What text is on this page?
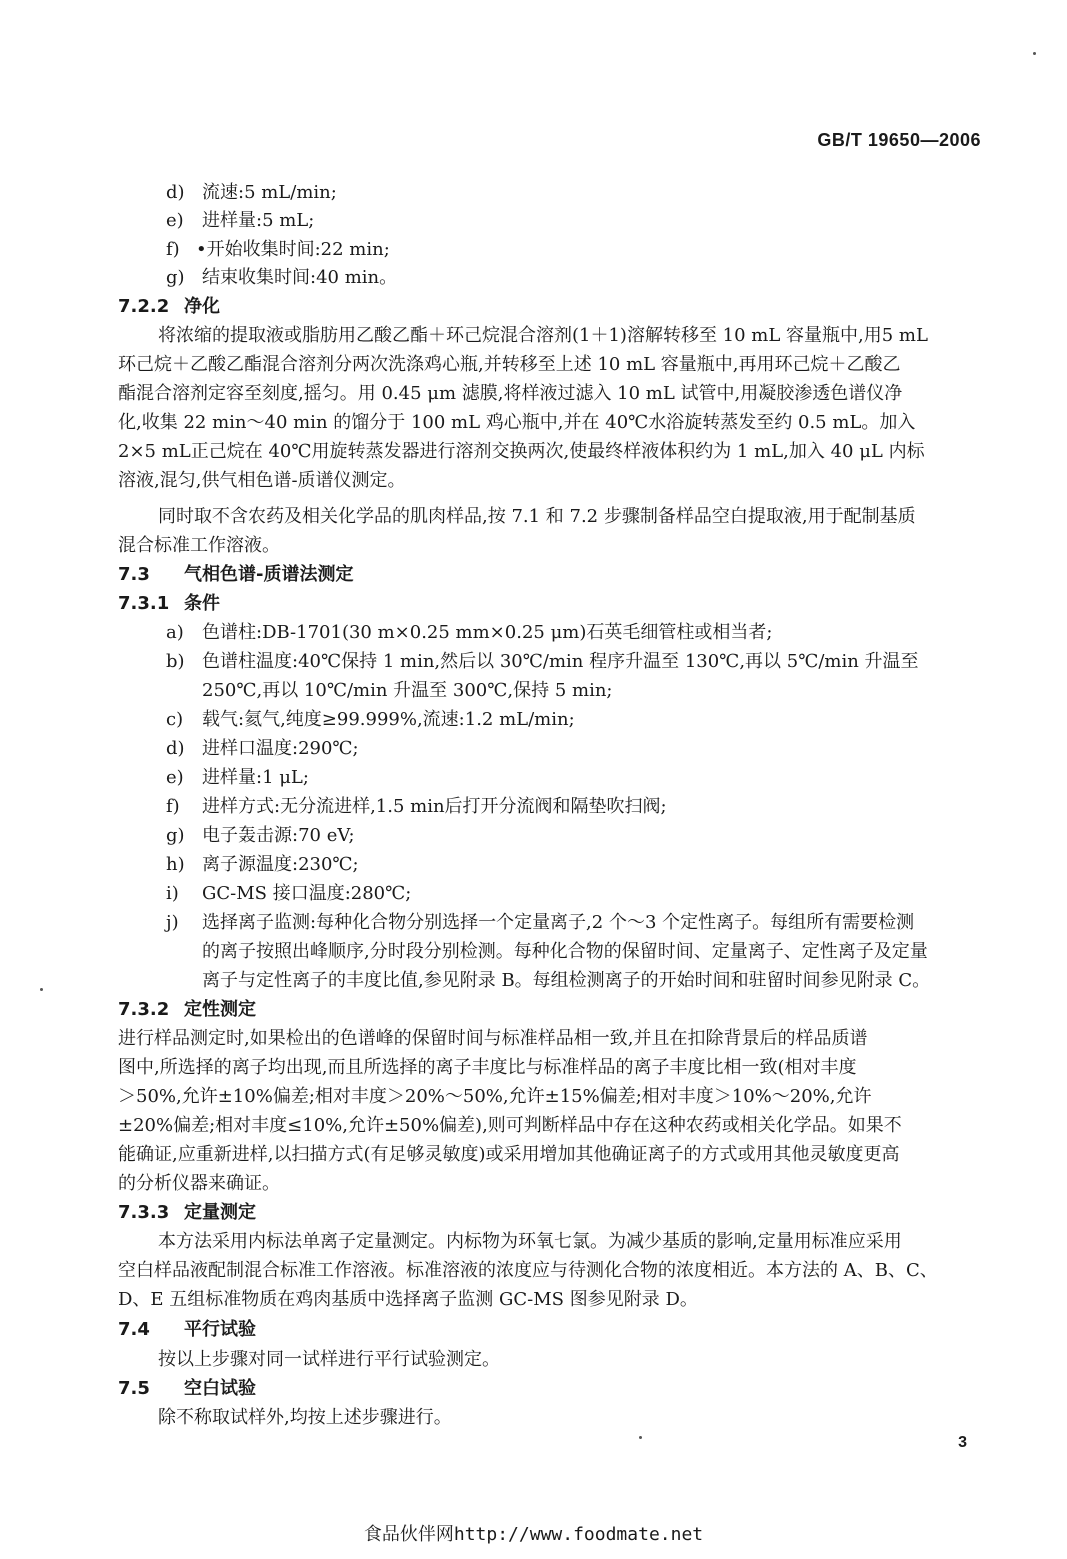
GB/T 19650—2006
d) 流速:5 mL/min;
e) 进样量:5 mL;
f) •开始收集时间:22 min;
g) 结束收集时间:40 min。
7.2.2 净化
将浓缩的提取液或脂肪用乙酸乙酯＋环己烷混合溶剂(1＋1)溶解转移至 10 mL 容量瓶中,用5 mL
环己烷＋乙酸乙酯混合溶剂分两次洗涤鸡心瓶,并转移至上述 10 mL 容量瓶中,再用环己烷＋乙酸乙
酯混合溶剂定容至刻度,摇匀。用 0.45 μm 滤膜,将样液过滤入 10 mL 试管中,用凝胶渗透色谱仪净
化,收集 22 min～40 min 的馏分于 100 mL 鸡心瓶中,并在 40℃水浴旋转蒸发至约 0.5 mL。加入
2×5 mL正己烷在 40℃用旋转蒸发器进行溶剂交换两次,使最终样液体积约为 1 mL,加入 40 μL 内标
溶液,混匀,供气相色谱-质谱仪测定。
同时取不含农药及相关化学品的肌肉样品,按 7.1 和 7.2 步骤制备样品空白提取液,用于配制基质
混合标准工作溶液。
7.3 气相色谱-质谱法测定
7.3.1 条件
a) 色谱柱:DB-1701(30 m×0.25 mm×0.25 μm)石英毛细管柱或相当者;
b) 色谱柱温度:40℃保持 1 min,然后以 30℃/min 程序升温至 130℃,再以 5℃/min 升温至
250℃,再以 10℃/min 升温至 300℃,保持 5 min;
c) 载气:氦气,纯度≥99.999%,流速:1.2 mL/min;
d) 进样口温度:290℃;
e) 进样量:1 μL;
f) 进样方式:无分流进样,1.5 min后打开分流阀和隔垫吹扫阀;
g) 电子轰击源:70 eV;
h) 离子源温度:230℃;
i) GC-MS 接口温度:280℃;
j) 选择离子监测:每种化合物分别选择一个定量离子,2 个～3 个定性离子。每组所有需要检测
的离子按照出峰顺序,分时段分别检测。每种化合物的保留时间、定量离子、定性离子及定量
离子与定性离子的丰度比值,参见附录 B。每组检测离子的开始时间和驻留时间参见附录 C。
7.3.2 定性测定
进行样品测定时,如果检出的色谱峰的保留时间与标准样品相一致,并且在扣除背景后的样品质谱
图中,所选择的离子均出现,而且所选择的离子丰度比与标准样品的离子丰度比相一致(相对丰度
＞50%,允许±10%偏差;相对丰度＞20%～50%,允许±15%偏差;相对丰度＞10%～20%,允许
±20%偏差;相对丰度≤10%,允许±50%偏差),则可判断样品中存在这种农药或相关化学品。如果不
能确证,应重新进样,以扫描方式(有足够灵敏度)或采用增加其他确证离子的方式或用其他灵敏度更高
的分析仪器来确证。
7.3.3 定量测定
本方法采用内标法单离子定量测定。内标物为环氧七氯。为减少基质的影响,定量用标准应采用
空白样品液配制混合标准工作溶液。标准溶液的浓度应与待测化合物的浓度相近。本方法的 A、B、C、
D、E 五组标准物质在鸡肉基质中选择离子监测 GC-MS 图参见附录 D。
7.4 平行试验
按以上步骤对同一试样进行平行试验测定。
7.5 空白试验
除不称取试样外,均按上述步骤进行。
3
食品伙伴网http://www.foodmate.net
